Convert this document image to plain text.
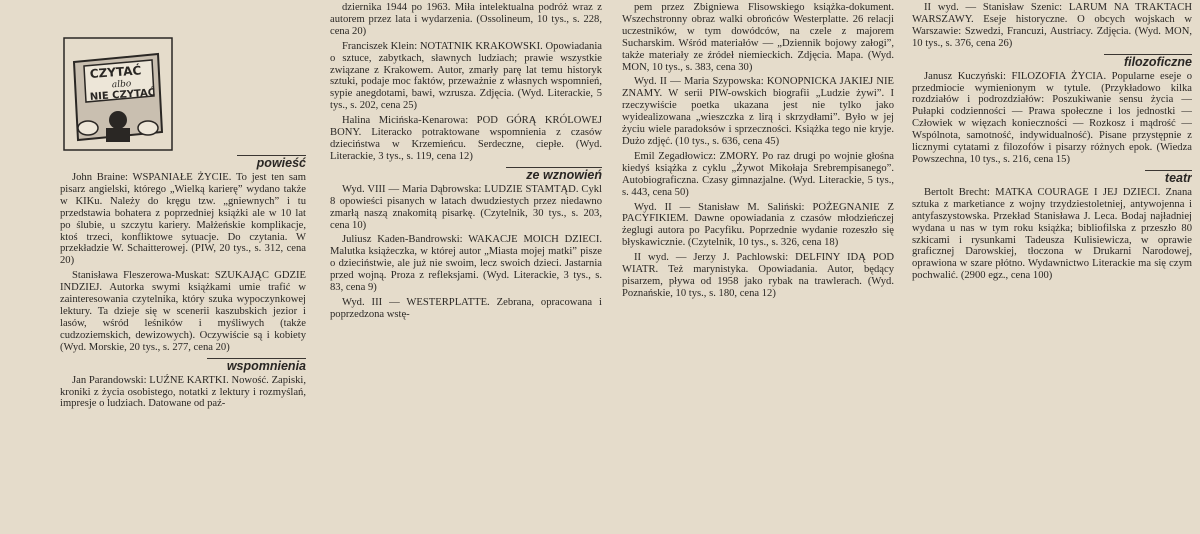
CZYTAĆ
albo
NIE CZYTAĆ
powieść

John Braine: WSPANIAŁE ŻYCIE. To jest ten sam pisarz angielski, którego „Wielką karierę” wydano także w KIKu. Należy do kręgu tzw. „gniewnych” i tu przedstawia bohatera z poprzedniej książki ale w 10 lat po ślubie, u szczytu kariery. Małżeńskie komplikacje, ktoś trzeci, konfliktowe sytuacje. Do czytania. W przekładzie W. Schaitterowej. (PIW, 20 tys., s. 312, cena 20)

Stanisława Fleszerowa-Muskat: SZUKAJĄC GDZIE INDZIEJ. Autorka swymi książkami umie trafić w zainteresowania czytelnika, który szuka wypoczynkowej lektury. Ta dzieje się w scenerii kaszubskich jezior i lasów, wśród leśników i myśliwych (także cudzoziemskich, dewizowych). Oczywiście są i kobiety (Wyd. Morskie, 20 tys., s. 277, cena 20)

wspomnienia

Jan Parandowski: LUŹNE KARTKI. Nowość. Zapiski, kroniki z życia osobistego, notatki z lektury i rozmyślań, impresje o ludziach. Datowane od paź-

dziernika 1944 po 1963. Miła intelektualna podróż wraz z autorem przez lata i wydarzenia. (Ossolineum, 10 tys., s. 228, cena 20)

Franciszek Klein: NOTATNIK KRAKOWSKI. Opowiadania o sztuce, zabytkach, sławnych ludziach; prawie wszystkie związane z Krakowem. Autor, zmarły parę lat temu historyk sztuki, podaje moc faktów, przeważnie z własnych wspomnień, sypie anegdotami, bawi, wzrusza. Zdjęcia. (Wyd. Literackie, 5 tys., s. 202, cena 25)

Halina Micińska-Kenarowa: POD GÓRĄ KRÓLOWEJ BONY. Literacko potraktowane wspomnienia z czasów dzieciństwa w Krzemieńcu. Serdeczne, ciepłe. (Wyd. Literackie, 3 tys., s. 119, cena 12)

ze wznowień

Wyd. VIII — Maria Dąbrowska: LUDZIE STAMTĄD. Cykl 8 opowieści pisanych w latach dwudziestych przez niedawno zmarłą naszą znakomitą pisarkę. (Czytelnik, 30 tys., s. 203, cena 10)

Juliusz Kaden-Bandrowski: WAKACJE MOICH DZIECI. Malutka książeczka, w której autor „Miasta mojej matki” pisze o dzieciństwie, ale już nie swoim, lecz swoich dzieci. Jastarnia przed wojną. Proza z refleksjami. (Wyd. Literackie, 3 tys., s. 83, cena 9)

Wyd. III — WESTERPLATTE. Zebrana, opracowana i poprzedzona wstę-

pem przez Zbigniewa Flisowskiego książka-dokument. Wszechstronny obraz walki obrońców Westerplatte. 26 relacji uczestników, w tym dowódców, na czele z majorem Sucharskim. Wśród materiałów — „Dziennik bojowy załogi”, także materiały ze źródeł niemieckich. Zdjęcia. Mapa. (Wyd. MON, 10 tys., s. 383, cena 30)

Wyd. II — Maria Szypowska: KONOPNICKA JAKIEJ NIE ZNAMY. W serii PIW-owskich biografii „Ludzie żywi”. I rzeczywiście poetka ukazana jest nie tylko jako wyidealizowana „wieszczka z lirą i skrzydłami”. Było w jej życiu wiele paradoksów i sprzeczności. Książka tego nie kryje. Dużo zdjęć. (10 tys., s. 636, cena 45)

Emil Zegadłowicz: ZMORY. Po raz drugi po wojnie głośna kiedyś książka z cyklu „Żywot Mikołaja Srebrempisanego”. Autobiograficzna. Czasy gimnazjalne. (Wyd. Literackie, 5 tys., s. 443, cena 50)

Wyd. II — Stanisław M. Saliński: POŻEGNANIE Z PACYFIKIEM. Dawne opowiadania z czasów młodzieńczej żeglugi autora po Pacyfiku. Poprzednie wydanie rozeszło się błyskawicznie. (Czytelnik, 10 tys., s. 326, cena 18)

II wyd. — Jerzy J. Pachlowski: DELFINY IDĄ POD WIATR. Też marynistyka. Opowiadania. Autor, będący pisarzem, pływa od 1958 jako rybak na trawlerach. (Wyd. Poznańskie, 10 tys., s. 180, cena 12)

II wyd. — Stanisław Szenic: LARUM NA TRAKTACH WARSZAWY. Eseje historyczne. O obcych wojskach w Warszawie: Szwedzi, Francuzi, Austriacy. Zdjęcia. (Wyd. MON, 10 tys., s. 376, cena 26)

filozoficzne

Janusz Kuczyński: FILOZOFIA ŻYCIA. Popularne eseje o przedmiocie wymienionym w tytule. (Przykładowo kilka rozdziałów i podrozdziałów: Poszukiwanie sensu życia — Pułapki codzienności — Prawa społeczne i los jednostki — Człowiek w więzach konieczności — Rozkosz i mądrość — Wspólnota, samotność, indywidualność). Pisane przystępnie z licznymi cytatami z filozofów i pisarzy różnych epok. (Wiedza Powszechna, 10 tys., s. 216, cena 15)

teatr

Bertolt Brecht: MATKA COURAGE I JEJ DZIECI. Znana sztuka z marketiance z wojny trzydziestoletniej, antywojenna i antyfaszystowska. Przekład Stanisława J. Leca. Bodaj najładniej wydana u nas w tym roku książka; bibliofilska z przeszło 80 szkicami i rysunkami Tadeusza Kulisiewicza, w oprawie graficznej Darowskiej, tłoczona w Drukarni Narodowej, oprawiona w szare płótno. Wydawnictwo Literackie ma się czym pochwalić. (2900 egz., cena 100)
